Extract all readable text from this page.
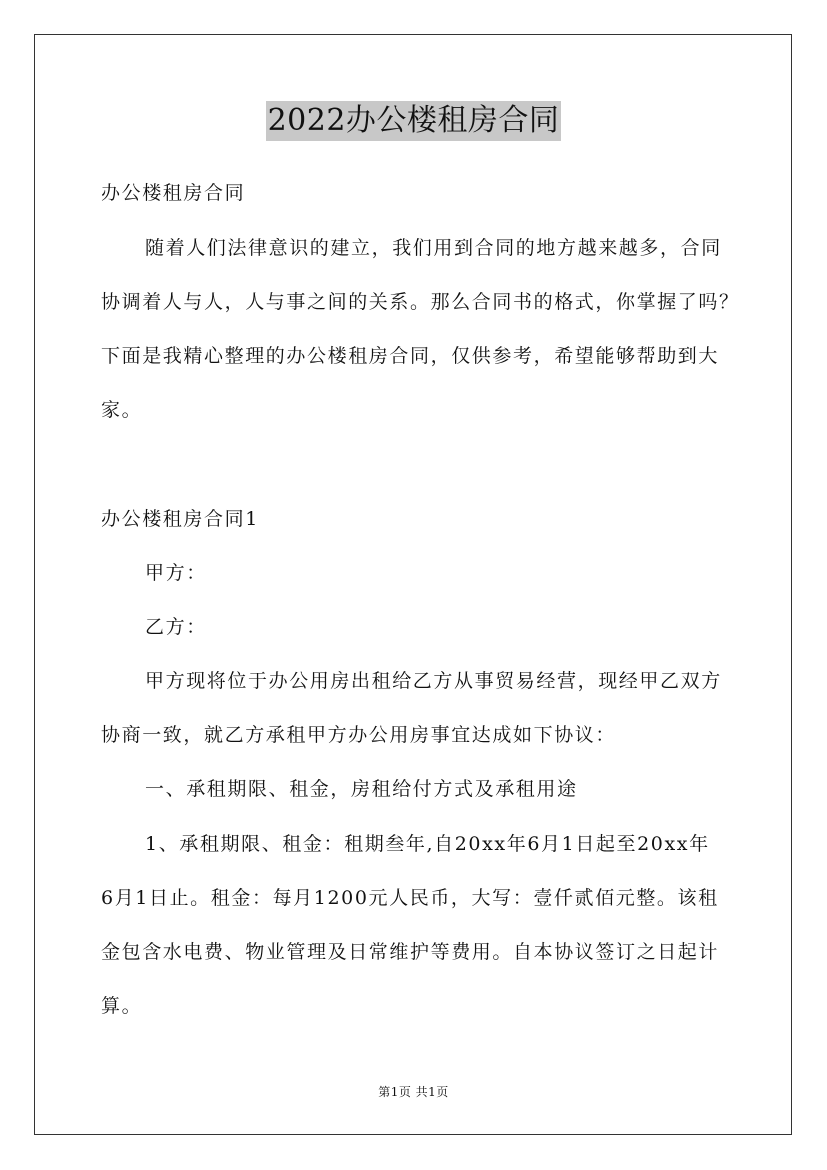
2022办公楼租房合同
办公楼租房合同
随着人们法律意识的建立，我们用到合同的地方越来越多，合同
协调着人与人，人与事之间的关系。那么合同书的格式，你掌握了吗？
下面是我精心整理的办公楼租房合同，仅供参考，希望能够帮助到大
家。
办公楼租房合同1
甲方：
乙方：
甲方现将位于办公用房出租给乙方从事贸易经营，现经甲乙双方
协商一致，就乙方承租甲方办公用房事宜达成如下协议：
一、承租期限、租金，房租给付方式及承租用途
1、承租期限、租金：租期叁年,自20xx年6月1日起至20xx年
6月1日止。租金：每月1200元人民币，大写：壹仟贰佰元整。该租
金包含水电费、物业管理及日常维护等费用。自本协议签订之日起计
算。
第1页 共1页
